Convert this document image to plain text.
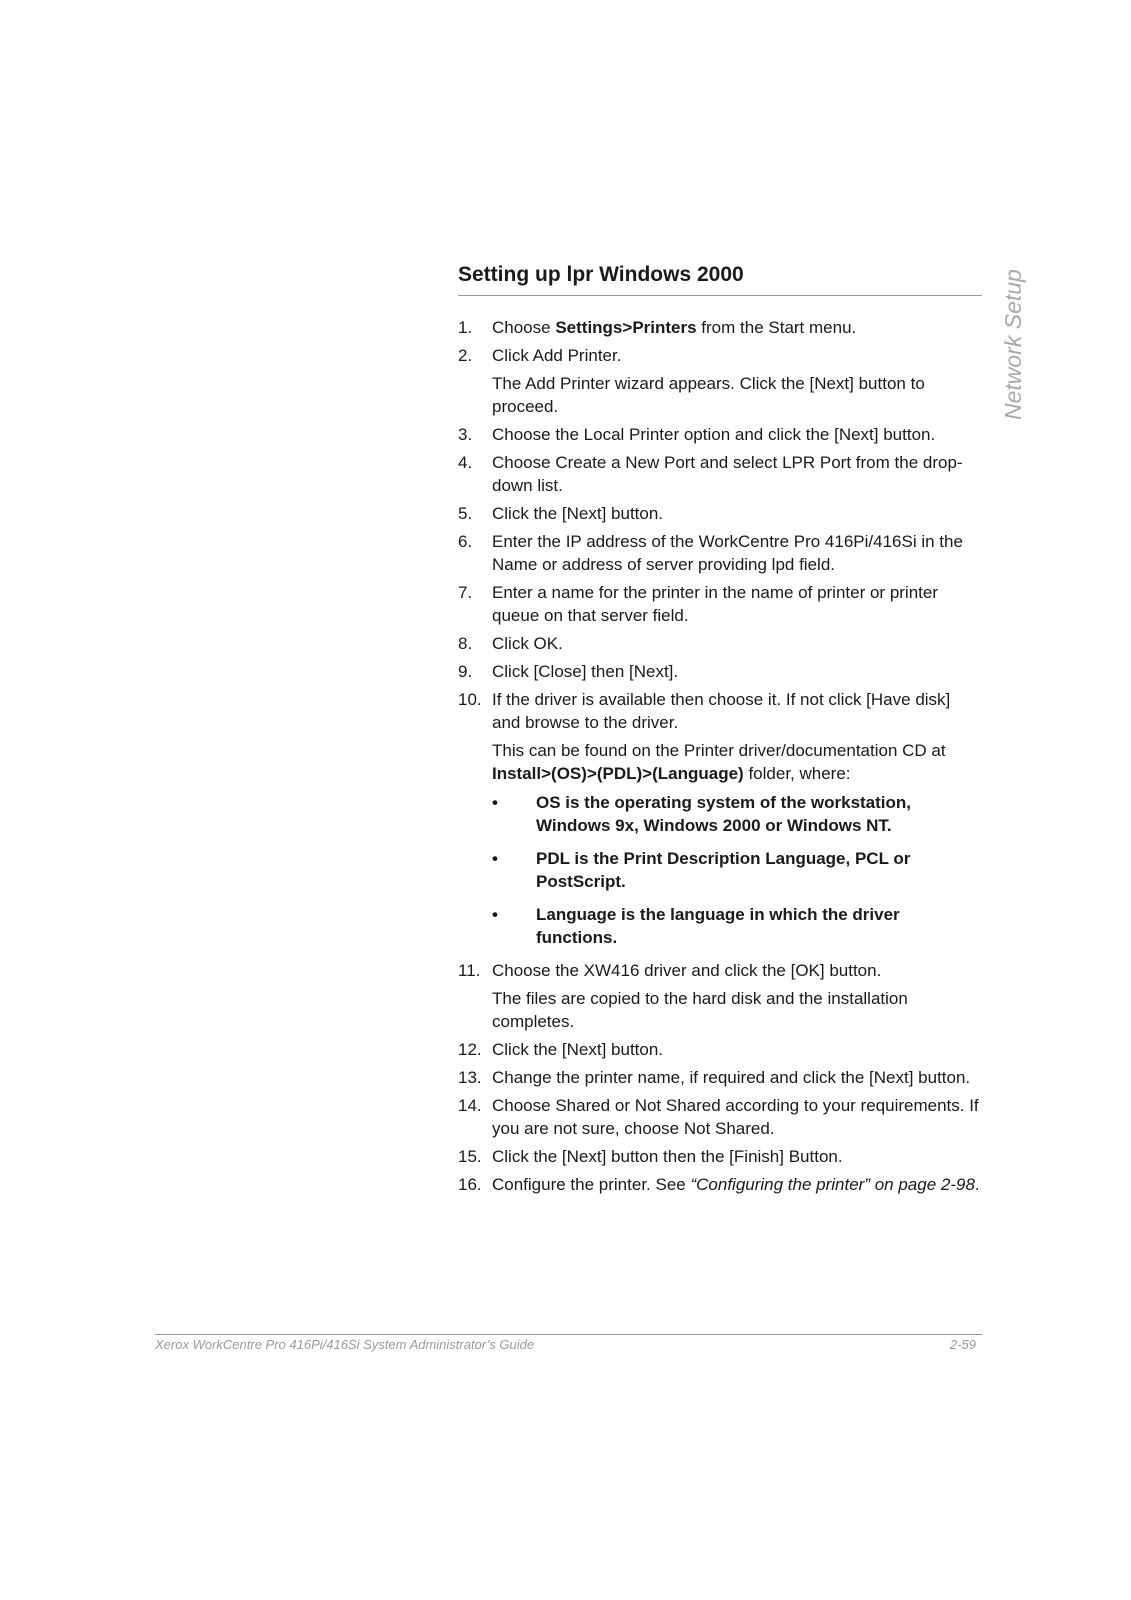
Network Setup
Setting up lpr Windows 2000
1. Choose Settings>Printers from the Start menu.
2. Click Add Printer.
The Add Printer wizard appears. Click the [Next] button to proceed.
3. Choose the Local Printer option and click the [Next] button.
4. Choose Create a New Port and select LPR Port from the drop-down list.
5. Click the [Next] button.
6. Enter the IP address of the WorkCentre Pro 416Pi/416Si in the Name or address of server providing lpd field.
7. Enter a name for the printer in the name of printer or printer queue on that server field.
8. Click OK.
9. Click [Close] then [Next].
10. If the driver is available then choose it. If not click [Have disk] and browse to the driver.
This can be found on the Printer driver/documentation CD at Install>(OS)>(PDL)>(Language) folder, where:
• OS is the operating system of the workstation, Windows 9x, Windows 2000 or Windows NT.
• PDL is the Print Description Language, PCL or PostScript.
• Language is the language in which the driver functions.
11. Choose the XW416 driver and click the [OK] button.
The files are copied to the hard disk and the installation completes.
12. Click the [Next] button.
13. Change the printer name, if required and click the [Next] button.
14. Choose Shared or Not Shared according to your requirements. If you are not sure, choose Not Shared.
15. Click the [Next] button then the [Finish] Button.
16. Configure the printer. See “Configuring the printer” on page 2-98.
Xerox WorkCentre Pro 416Pi/416Si System Administrator’s Guide	2-59
